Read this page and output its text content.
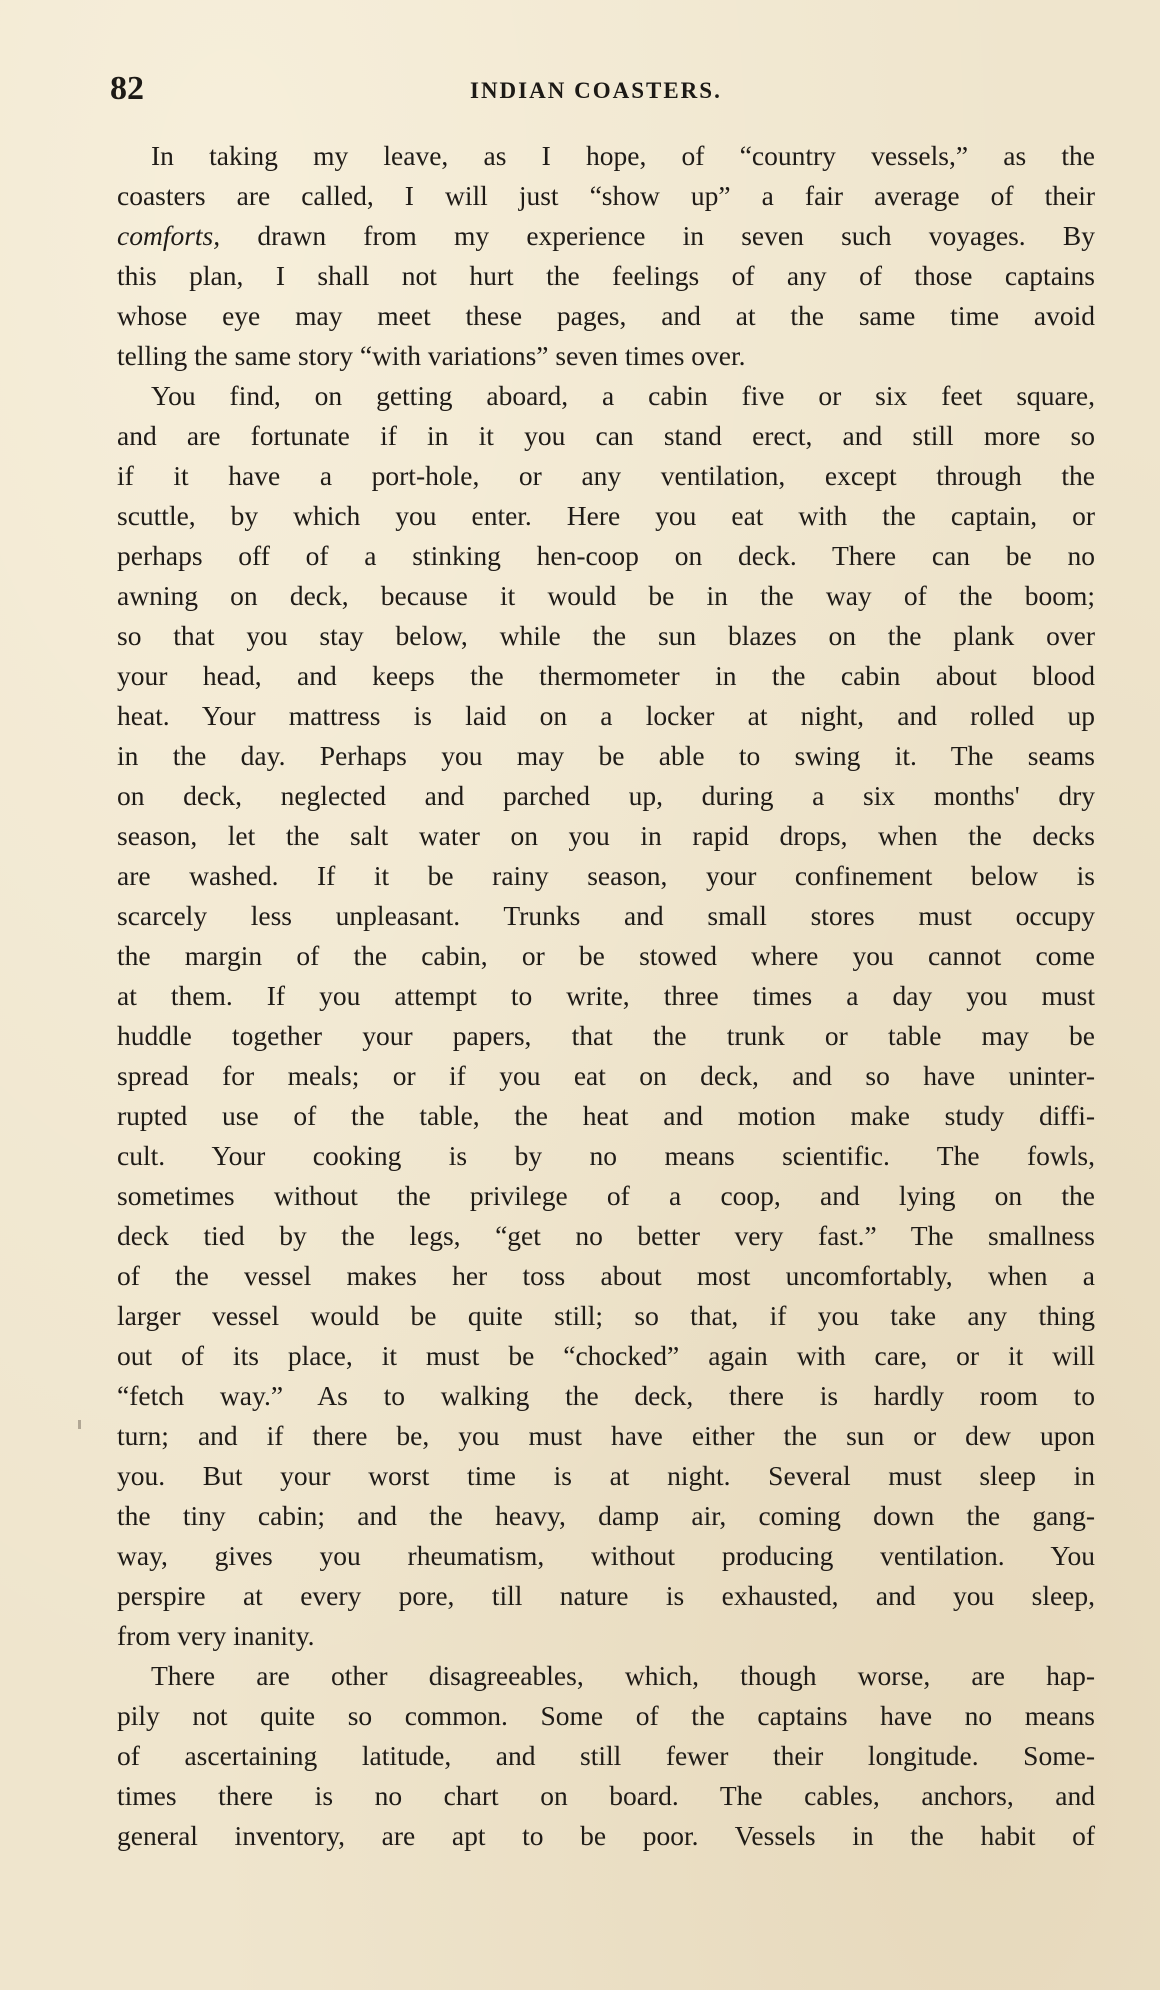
82	INDIAN COASTERS.
In taking my leave, as I hope, of “country vessels,” as the
coasters are called, I will just “show up” a fair average of their
comforts, drawn from my experience in seven such voyages. By
this plan, I shall not hurt the feelings of any of those captains
whose eye may meet these pages, and at the same time avoid
telling the same story “with variations” seven times over.
You find, on getting aboard, a cabin five or six feet square,
and are fortunate if in it you can stand erect, and still more so
if it have a port-hole, or any ventilation, except through the
scuttle, by which you enter. Here you eat with the captain, or
perhaps off of a stinking hen-coop on deck. There can be no
awning on deck, because it would be in the way of the boom;
so that you stay below, while the sun blazes on the plank over
your head, and keeps the thermometer in the cabin about blood
heat. Your mattress is laid on a locker at night, and rolled up
in the day. Perhaps you may be able to swing it. The seams
on deck, neglected and parched up, during a six months' dry
season, let the salt water on you in rapid drops, when the decks
are washed. If it be rainy season, your confinement below is
scarcely less unpleasant. Trunks and small stores must occupy
the margin of the cabin, or be stowed where you cannot come
at them. If you attempt to write, three times a day you must
huddle together your papers, that the trunk or table may be
spread for meals; or if you eat on deck, and so have uninter-
rupted use of the table, the heat and motion make study diffi-
cult. Your cooking is by no means scientific. The fowls,
sometimes without the privilege of a coop, and lying on the
deck tied by the legs, “get no better very fast.” The smallness
of the vessel makes her toss about most uncomfortably, when a
larger vessel would be quite still; so that, if you take any thing
out of its place, it must be “chocked” again with care, or it will
“fetch way.” As to walking the deck, there is hardly room to
turn; and if there be, you must have either the sun or dew upon
you. But your worst time is at night. Several must sleep in
the tiny cabin; and the heavy, damp air, coming down the gang-
way, gives you rheumatism, without producing ventilation. You
perspire at every pore, till nature is exhausted, and you sleep,
from very inanity.
There are other disagreeables, which, though worse, are hap-
pily not quite so common. Some of the captains have no means
of ascertaining latitude, and still fewer their longitude. Some-
times there is no chart on board. The cables, anchors, and
general inventory, are apt to be poor. Vessels in the habit of
